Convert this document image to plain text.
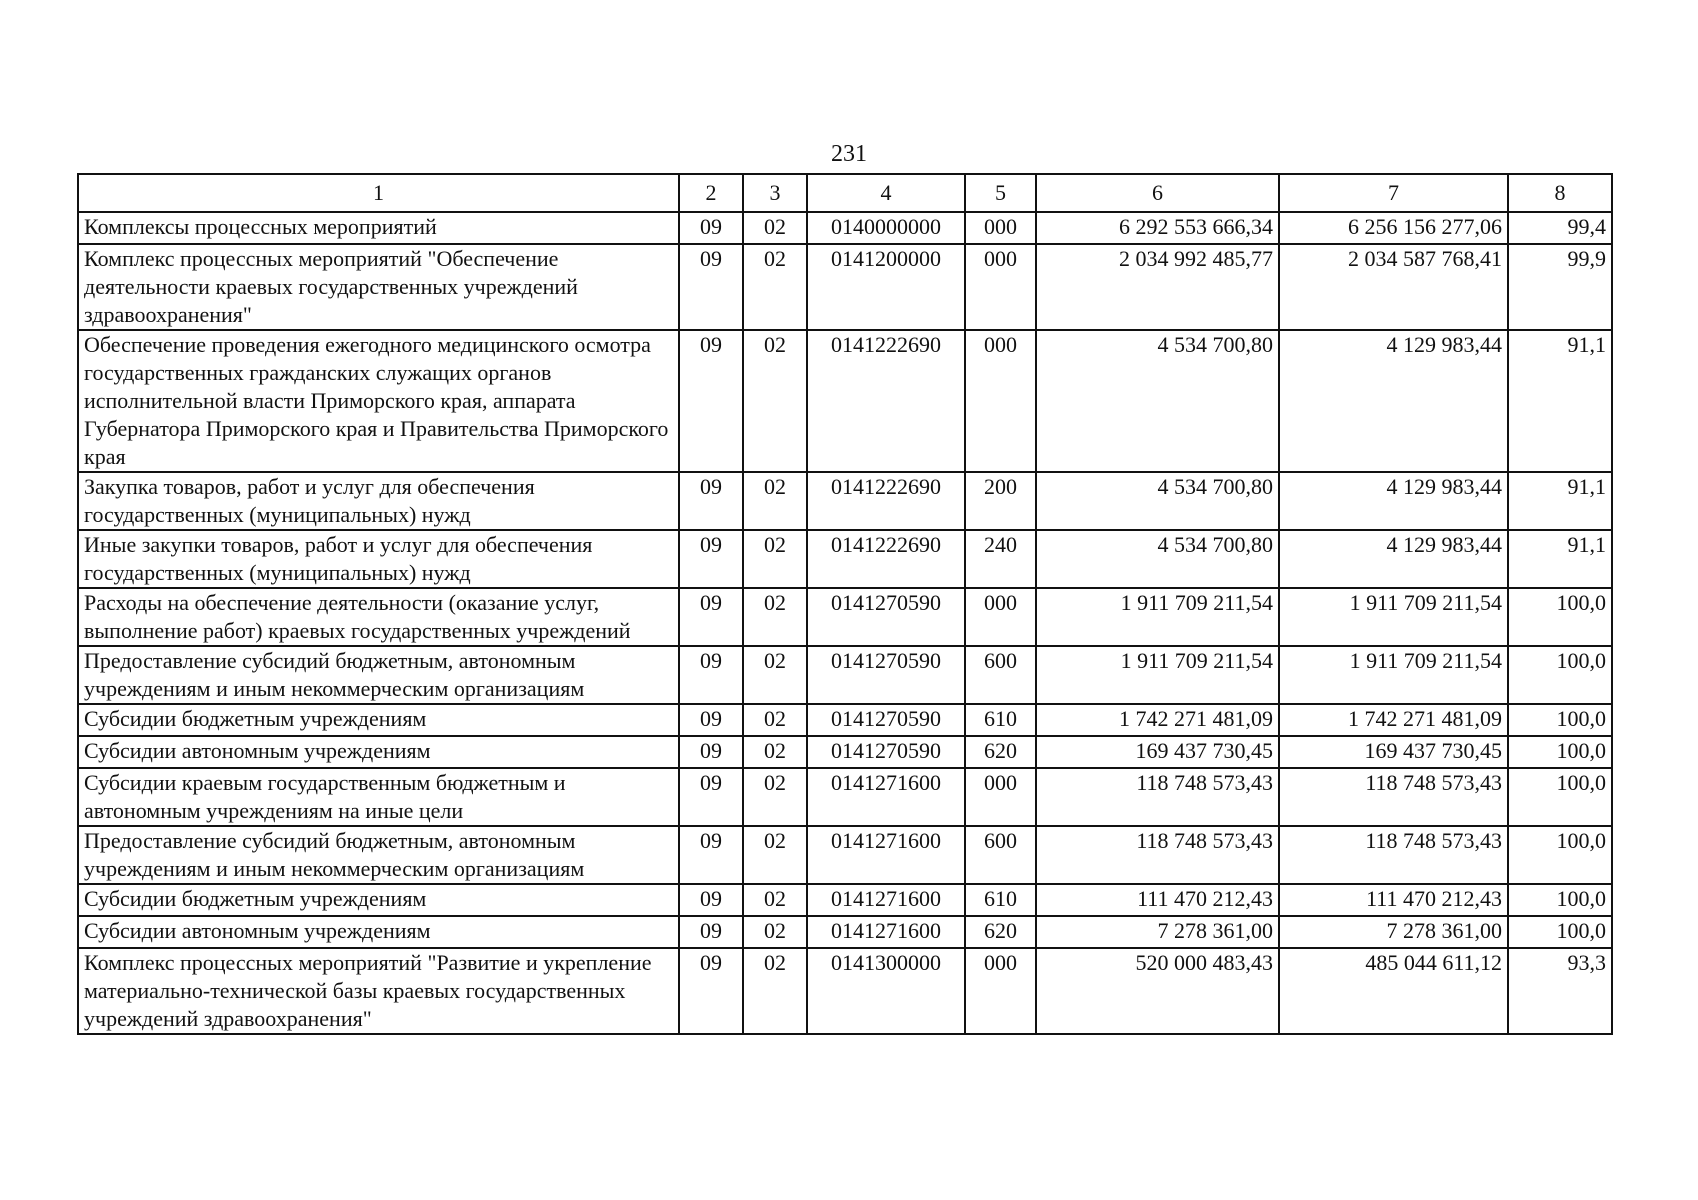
231
1	2	3	4	5	6	7	8
Комплексы процессных мероприятий	09	02	0140000000	000	6 292 553 666,34	6 256 156 277,06	99,4
Комплекс процессных мероприятий "Обеспечение деятельности краевых государственных учреждений здравоохранения"	09	02	0141200000	000	2 034 992 485,77	2 034 587 768,41	99,9
Обеспечение проведения ежегодного медицинского осмотра государственных гражданских служащих органов исполнительной власти Приморского края, аппарата Губернатора Приморского края и Правительства Приморского края	09	02	0141222690	000	4 534 700,80	4 129 983,44	91,1
Закупка товаров, работ и услуг для обеспечения государственных (муниципальных) нужд	09	02	0141222690	200	4 534 700,80	4 129 983,44	91,1
Иные закупки товаров, работ и услуг для обеспечения государственных (муниципальных) нужд	09	02	0141222690	240	4 534 700,80	4 129 983,44	91,1
Расходы на обеспечение деятельности (оказание услуг, выполнение работ) краевых государственных учреждений	09	02	0141270590	000	1 911 709 211,54	1 911 709 211,54	100,0
Предоставление субсидий бюджетным, автономным учреждениям и иным некоммерческим организациям	09	02	0141270590	600	1 911 709 211,54	1 911 709 211,54	100,0
Субсидии бюджетным учреждениям	09	02	0141270590	610	1 742 271 481,09	1 742 271 481,09	100,0
Субсидии автономным учреждениям	09	02	0141270590	620	169 437 730,45	169 437 730,45	100,0
Субсидии краевым государственным бюджетным и автономным учреждениям на иные цели	09	02	0141271600	000	118 748 573,43	118 748 573,43	100,0
Предоставление субсидий бюджетным, автономным учреждениям и иным некоммерческим организациям	09	02	0141271600	600	118 748 573,43	118 748 573,43	100,0
Субсидии бюджетным учреждениям	09	02	0141271600	610	111 470 212,43	111 470 212,43	100,0
Субсидии автономным учреждениям	09	02	0141271600	620	7 278 361,00	7 278 361,00	100,0
Комплекс процессных мероприятий "Развитие и укрепление материально-технической базы краевых государственных учреждений здравоохранения"	09	02	0141300000	000	520 000 483,43	485 044 611,12	93,3
